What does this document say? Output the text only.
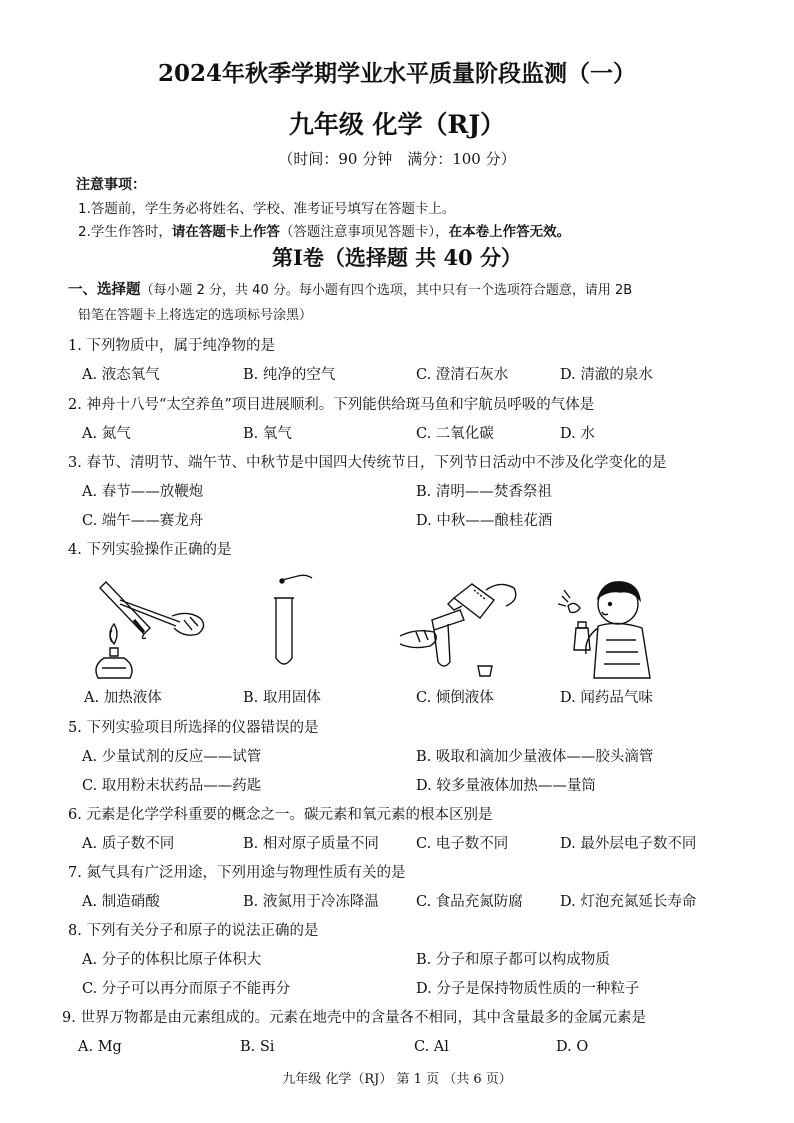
2024年秋季学期学业水平质量阶段监测（一）
九年级 化学（RJ）
（时间：90 分钟　满分：100 分）
注意事项：
1.答题前，学生务必将姓名、学校、准考证号填写在答题卡上。
2.学生作答时，请在答题卡上作答（答题注意事项见答题卡），在本卷上作答无效。
第Ⅰ卷（选择题 共 40 分）
一、选择题（每小题 2 分，共 40 分。每小题有四个选项，其中只有一个选项符合题意，请用 2B
铅笔在答题卡上将选定的选项标号涂黑）
1. 下列物质中，属于纯净物的是
A. 液态氧气	B. 纯净的空气	C. 澄清石灰水	D. 清澈的泉水
2. 神舟十八号“太空养鱼”项目进展顺利。下列能供给斑马鱼和宇航员呼吸的气体是
A. 氮气	B. 氧气	C. 二氧化碳	D. 水
3. 春节、清明节、端午节、中秋节是中国四大传统节日，下列节日活动中不涉及化学变化的是
A. 春节——放鞭炮	B. 清明——焚香祭祖
C. 端午——赛龙舟	D. 中秋——酿桂花酒
4. 下列实验操作正确的是
A. 加热液体	B. 取用固体	C. 倾倒液体	D. 闻药品气味
5. 下列实验项目所选择的仪器错误的是
A. 少量试剂的反应——试管	B. 吸取和滴加少量液体——胶头滴管
C. 取用粉末状药品——药匙	D. 较多量液体加热——量筒
6. 元素是化学学科重要的概念之一。碳元素和氧元素的根本区别是
A. 质子数不同	B. 相对原子质量不同	C. 电子数不同	D. 最外层电子数不同
7. 氮气具有广泛用途，下列用途与物理性质有关的是
A. 制造硝酸	B. 液氮用于冷冻降温	C. 食品充氮防腐	D. 灯泡充氮延长寿命
8. 下列有关分子和原子的说法正确的是
A. 分子的体积比原子体积大	B. 分子和原子都可以构成物质
C. 分子可以再分而原子不能再分	D. 分子是保持物质性质的一种粒子
9. 世界万物都是由元素组成的。元素在地壳中的含量各不相同，其中含量最多的金属元素是
A. Mg	B. Si	C. Al	D. O
九年级 化学（RJ） 第 1 页 （共 6 页）
